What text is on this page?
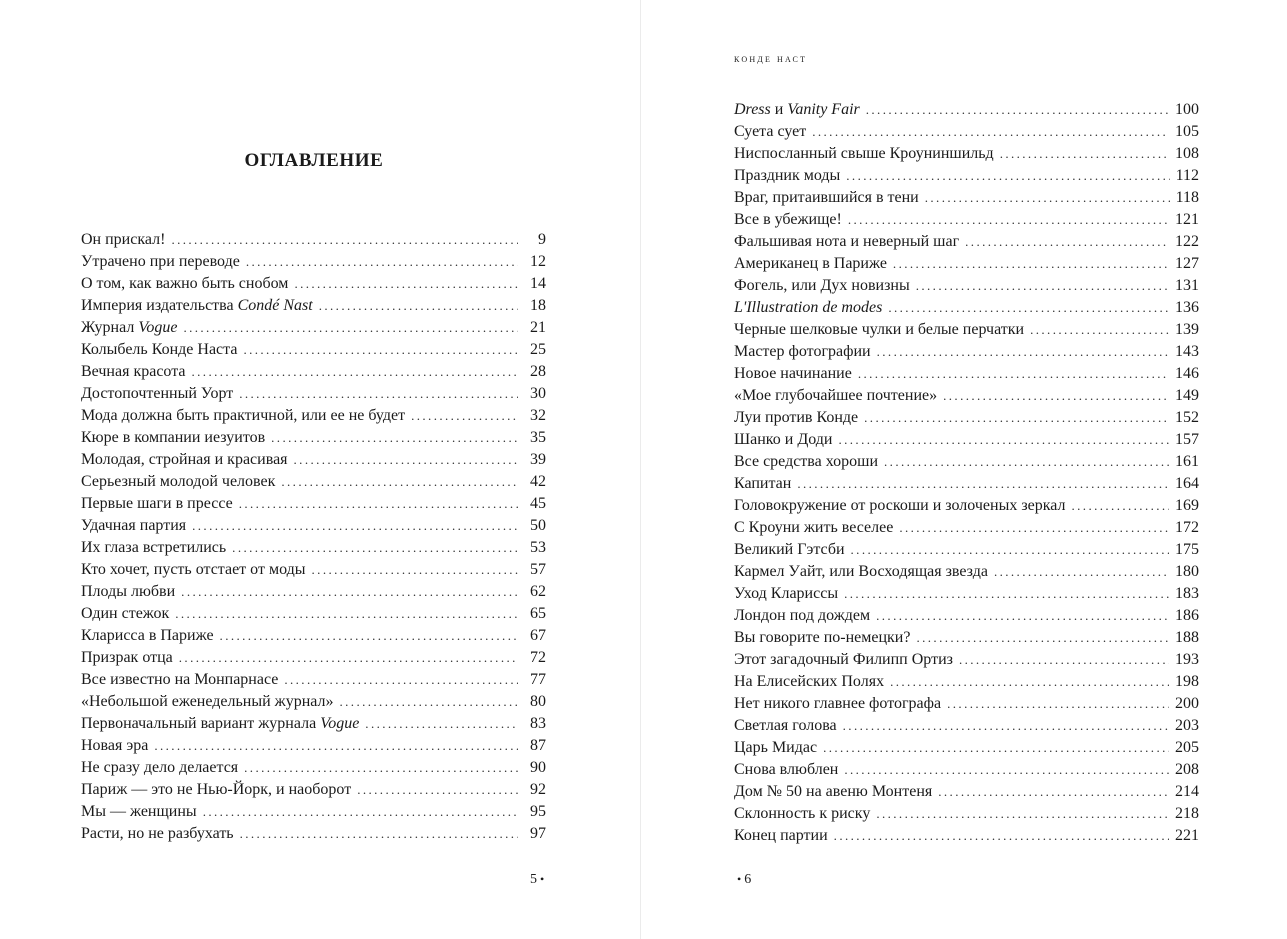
ОГЛАВЛЕНИЕ
Он прискал! .....	9
Утрачено при переводе .....	12
О том, как важно быть снобом .....	14
Империя издательства Condé Nast .....	18
Журнал Vogue .....	21
Колыбель Конде Наста .....	25
Вечная красота .....	28
Достопочтенный Уорт .....	30
Мода должна быть практичной, или ее не будет .....	32
Кюре в компании иезуитов .....	35
Молодая, стройная и красивая .....	39
Серьезный молодой человек .....	42
Первые шаги в прессе .....	45
Удачная партия .....	50
Их глаза встретились .....	53
Кто хочет, пусть отстает от моды .....	57
Плоды любви .....	62
Один стежок .....	65
Кларисса в Париже .....	67
Призрак отца .....	72
Все известно на Монпарнасе .....	77
«Небольшой еженедельный журнал» .....	80
Первоначальный вариант журнала Vogue .....	83
Новая эра .....	87
Не сразу дело делается .....	90
Париж — это не Нью-Йорк, и наоборот .....	92
Мы — женщины .....	95
Расти, но не разбухать .....	97
5 •
конде наст
Dress и Vanity Fair .....	100
Суета сует .....	105
Ниспосланный свыше Кроуниншильд .....	108
Праздник моды .....	112
Враг, притаившийся в тени .....	118
Все в убежище! .....	121
Фальшивая нота и неверный шаг .....	122
Американец в Париже .....	127
Фогель, или Дух новизны .....	131
L'Illustration de modes .....	136
Черные шелковые чулки и белые перчатки .....	139
Мастер фотографии .....	143
Новое начинание .....	146
«Мое глубочайшее почтение» .....	149
Луи против Конде .....	152
Шанко и Доди .....	157
Все средства хороши .....	161
Капитан .....	164
Головокружение от роскоши и золоченых зеркал .....	169
С Кроуни жить веселее .....	172
Великий Гэтсби .....	175
Кармел Уайт, или Восходящая звезда .....	180
Уход Клариссы .....	183
Лондон под дождем .....	186
Вы говорите по-немецки? .....	188
Этот загадочный Филипп Ортиз .....	193
На Елисейских Полях .....	198
Нет никого главнее фотографа .....	200
Светлая голова .....	203
Царь Мидас .....	205
Снова влюблен .....	208
Дом № 50 на авеню Монтеня .....	214
Склонность к риску .....	218
Конец партии .....	221
• 6
